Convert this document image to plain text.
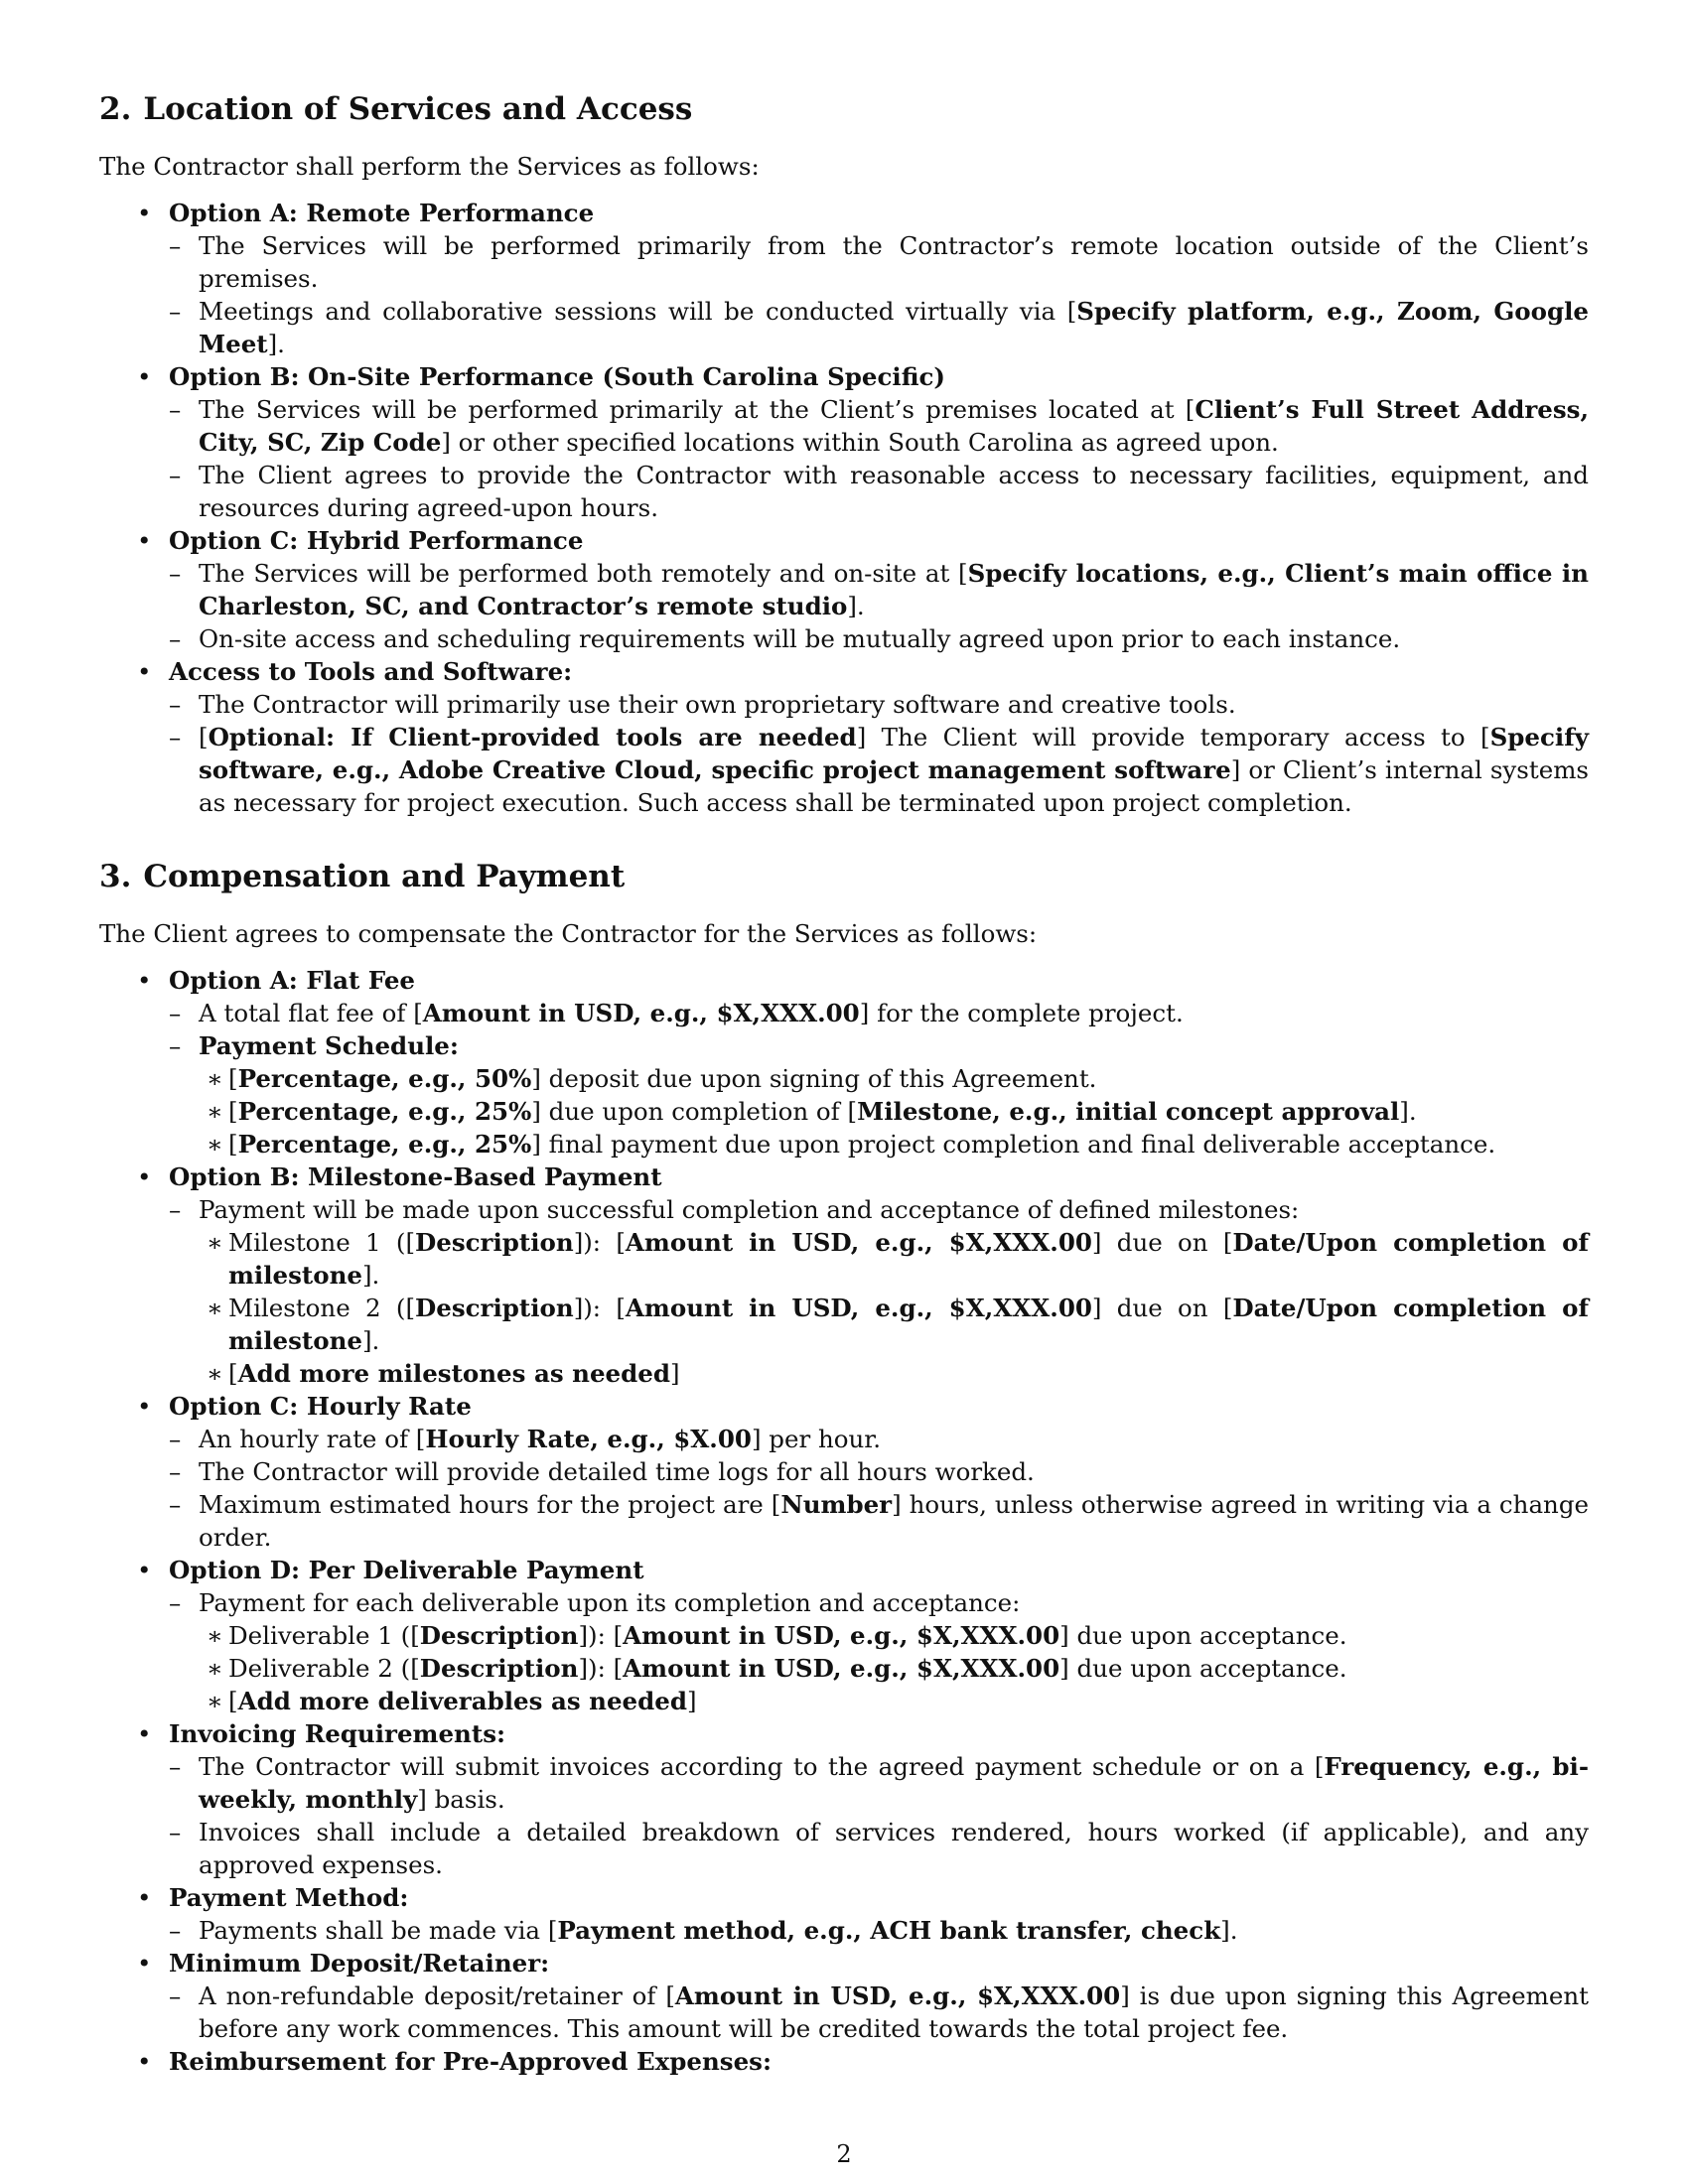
2. Location of Services and Access

The Contractor shall perform the Services as follows:

• Option A: Remote Performance
– The Services will be performed primarily from the Contractor’s remote location outside of the Client’s premises.
– Meetings and collaborative sessions will be conducted virtually via [Specify platform, e.g., Zoom, Google Meet].
• Option B: On-Site Performance (South Carolina Specific)
– The Services will be performed primarily at the Client’s premises located at [Client’s Full Street Address, City, SC, Zip Code] or other specified locations within South Carolina as agreed upon.
– The Client agrees to provide the Contractor with reasonable access to necessary facilities, equipment, and resources during agreed-upon hours.
• Option C: Hybrid Performance
– The Services will be performed both remotely and on-site at [Specify locations, e.g., Client’s main office in Charleston, SC, and Contractor’s remote studio].
– On-site access and scheduling requirements will be mutually agreed upon prior to each instance.
• Access to Tools and Software:
– The Contractor will primarily use their own proprietary software and creative tools.
– [Optional: If Client-provided tools are needed] The Client will provide temporary access to [Specify software, e.g., Adobe Creative Cloud, specific project management software] or Client’s internal systems as necessary for project execution. Such access shall be terminated upon project completion.
3. Compensation and Payment

The Client agrees to compensate the Contractor for the Services as follows:

• Option A: Flat Fee
– A total flat fee of [Amount in USD, e.g., $X,XXX.00] for the complete project.
– Payment Schedule:
∗ [Percentage, e.g., 50%] deposit due upon signing of this Agreement.
∗ [Percentage, e.g., 25%] due upon completion of [Milestone, e.g., initial concept approval].
∗ [Percentage, e.g., 25%] final payment due upon project completion and final deliverable acceptance.
• Option B: Milestone-Based Payment
– Payment will be made upon successful completion and acceptance of defined milestones:
∗ Milestone 1 ([Description]): [Amount in USD, e.g., $X,XXX.00] due on [Date/Upon completion of milestone].
∗ Milestone 2 ([Description]): [Amount in USD, e.g., $X,XXX.00] due on [Date/Upon completion of milestone].
∗ [Add more milestones as needed]
• Option C: Hourly Rate
– An hourly rate of [Hourly Rate, e.g., $X.00] per hour.
– The Contractor will provide detailed time logs for all hours worked.
– Maximum estimated hours for the project are [Number] hours, unless otherwise agreed in writing via a change order.
• Option D: Per Deliverable Payment
– Payment for each deliverable upon its completion and acceptance:
∗ Deliverable 1 ([Description]): [Amount in USD, e.g., $X,XXX.00] due upon acceptance.
∗ Deliverable 2 ([Description]): [Amount in USD, e.g., $X,XXX.00] due upon acceptance.
∗ [Add more deliverables as needed]
• Invoicing Requirements:
– The Contractor will submit invoices according to the agreed payment schedule or on a [Frequency, e.g., bi-weekly, monthly] basis.
– Invoices shall include a detailed breakdown of services rendered, hours worked (if applicable), and any approved expenses.
• Payment Method:
– Payments shall be made via [Payment method, e.g., ACH bank transfer, check].
• Minimum Deposit/Retainer:
– A non-refundable deposit/retainer of [Amount in USD, e.g., $X,XXX.00] is due upon signing this Agreement before any work commences. This amount will be credited towards the total project fee.
• Reimbursement for Pre-Approved Expenses:
2
